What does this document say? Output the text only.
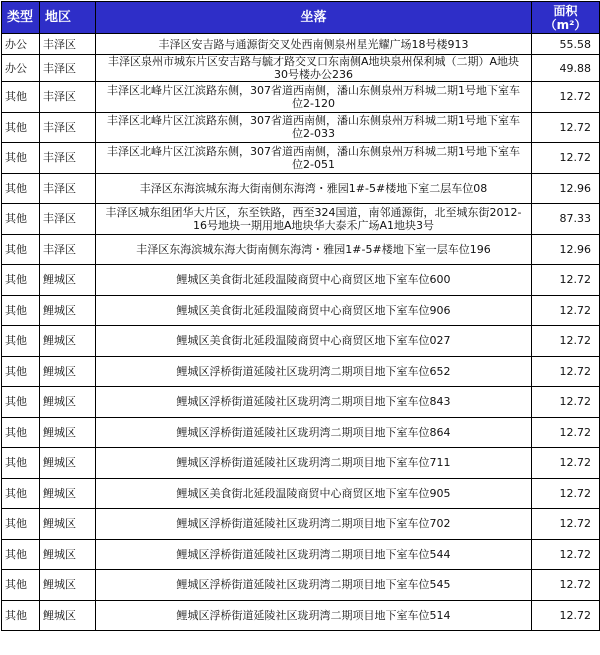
类型	地区	坐落	面积
（m²）

办公	丰泽区	丰泽区安吉路与通源街交叉处西南侧泉州星光耀广场18号楼913	55.58
办公	丰泽区	丰泽区泉州市城东片区安吉路与毓才路交叉口东南侧A地块泉州保利城（二期）A地块30号楼办公236	49.88
其他	丰泽区	丰泽区北峰片区江滨路东侧，307省道西南侧，潘山东侧泉州万科城二期1号地下室车位2-120	12.72
其他	丰泽区	丰泽区北峰片区江滨路东侧，307省道西南侧，潘山东侧泉州万科城二期1号地下室车位2-033	12.72
其他	丰泽区	丰泽区北峰片区江滨路东侧，307省道西南侧，潘山东侧泉州万科城二期1号地下室车位2-051	12.72
其他	丰泽区	丰泽区东海滨城东海大街南侧东海湾・雅园1#-5#楼地下室二层车位08	12.96
其他	丰泽区	丰泽区城东组团华大片区，东至铁路，西至324国道，南邻通源街，北至城东街2012-16号地块一期用地A地块华大泰禾广场A1地块3号	87.33
其他	丰泽区	丰泽区东海滨城东海大街南侧东海湾・雅园1#-5#楼地下室一层车位196	12.96
其他	鲤城区	鲤城区美食街北延段温陵商贸中心商贸区地下室车位600	12.72
其他	鲤城区	鲤城区美食街北延段温陵商贸中心商贸区地下室车位906	12.72
其他	鲤城区	鲤城区美食街北延段温陵商贸中心商贸区地下室车位027	12.72
其他	鲤城区	鲤城区浮桥街道延陵社区珑玥湾二期项目地下室车位652	12.72
其他	鲤城区	鲤城区浮桥街道延陵社区珑玥湾二期项目地下室车位843	12.72
其他	鲤城区	鲤城区浮桥街道延陵社区珑玥湾二期项目地下室车位864	12.72
其他	鲤城区	鲤城区浮桥街道延陵社区珑玥湾二期项目地下室车位711	12.72
其他	鲤城区	鲤城区美食街北延段温陵商贸中心商贸区地下室车位905	12.72
其他	鲤城区	鲤城区浮桥街道延陵社区珑玥湾二期项目地下室车位702	12.72
其他	鲤城区	鲤城区浮桥街道延陵社区珑玥湾二期项目地下室车位544	12.72
其他	鲤城区	鲤城区浮桥街道延陵社区珑玥湾二期项目地下室车位545	12.72
其他	鲤城区	鲤城区浮桥街道延陵社区珑玥湾二期项目地下室车位514	12.72
